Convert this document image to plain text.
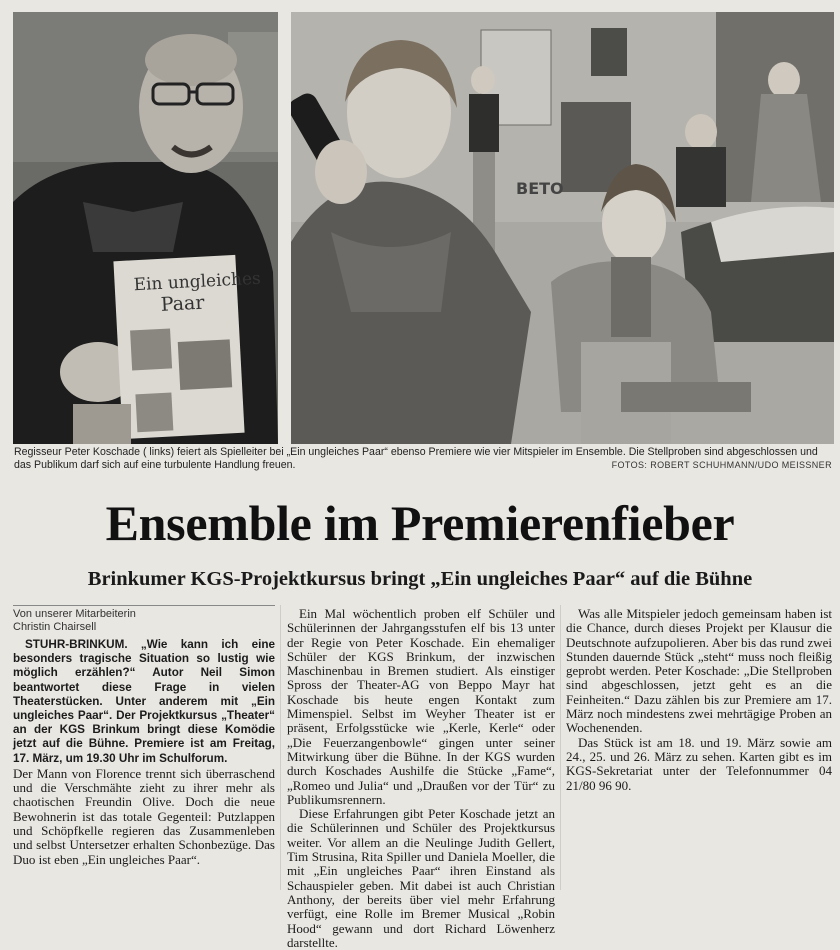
Ein ungleiches
Paar
BETO
Regisseur Peter Koschade ( links) feiert als Spielleiter bei „Ein ungleiches Paar“ ebenso Premiere wie vier Mitspieler im Ensemble. Die Stellproben sind abgeschlossen und das Publikum darf sich auf eine turbulente Handlung freuen.	FOTOS: ROBERT SCHUHMANN/UDO MEISSNER
Ensemble im Premierenfieber
Brinkumer KGS-Projektkursus bringt „Ein ungleiches Paar“ auf die Bühne
Von unserer Mitarbeiterin
Christin Chairsell

STUHR-BRINKUM. „Wie kann ich eine besonders tragische Situation so lustig wie möglich erzählen?“ Autor Neil Simon beantwortet diese Frage in vielen Theaterstücken. Unter anderem mit „Ein ungleiches Paar“. Der Projektkursus „Theater“ an der KGS Brinkum bringt diese Komödie jetzt auf die Bühne. Premiere ist am Freitag, 17. März, um 19.30 Uhr im Schulforum.

Der Mann von Florence trennt sich überraschend und die Verschmähte zieht zu ihrer mehr als chaotischen Freundin Olive. Doch die neue Bewohnerin ist das totale Gegenteil: Putzlappen und Schöpfkelle regieren das Zusammenleben und selbst Untersetzer erhalten Schonbezüge. Das Duo ist eben „Ein ungleiches Paar“.

Ein Mal wöchentlich proben elf Schüler und Schülerinnen der Jahrgangsstufen elf bis 13 unter der Regie von Peter Koschade. Ein ehemaliger Schüler der KGS Brinkum, der inzwischen Maschinenbau in Bremen studiert. Als einstiger Spross der Theater-AG von Beppo Mayr hat Koschade bis heute engen Kontakt zum Mimenspiel. Selbst im Weyher Theater ist er präsent, Erfolgsstücke wie „Kerle, Kerle“ oder „Die Feuerzangenbowle“ gingen unter seiner Mitwirkung über die Bühne. In der KGS wurden durch Koschades Aushilfe die Stücke „Fame“, „Romeo und Julia“ und „Draußen vor der Tür“ zu Publikumsrennern.

Diese Erfahrungen gibt Peter Koschade jetzt an die Schülerinnen und Schüler des Projektkursus weiter. Vor allem an die Neulinge Judith Gellert, Tim Strusina, Rita Spiller und Daniela Moeller, die mit „Ein ungleiches Paar“ ihren Einstand als Schauspieler geben. Mit dabei ist auch Christian Anthony, der bereits über viel mehr Erfahrung verfügt, eine Rolle im Bremer Musical „Robin Hood“ gewann und dort Richard Löwenherz darstellte.

Was alle Mitspieler jedoch gemeinsam haben ist die Chance, durch dieses Projekt per Klausur die Deutschnote aufzupolieren. Aber bis das rund zwei Stunden dauernde Stück „steht“ muss noch fleißig geprobt werden. Peter Koschade: „Die Stellproben sind abgeschlossen, jetzt geht es an die Feinheiten.“ Dazu zählen bis zur Premiere am 17. März noch mindestens zwei mehrtägige Proben an Wochenenden.

Das Stück ist am 18. und 19. März sowie am 24., 25. und 26. März zu sehen. Karten gibt es im KGS-Sekretariat unter der Telefonnummer 04 21/80 96 90.
